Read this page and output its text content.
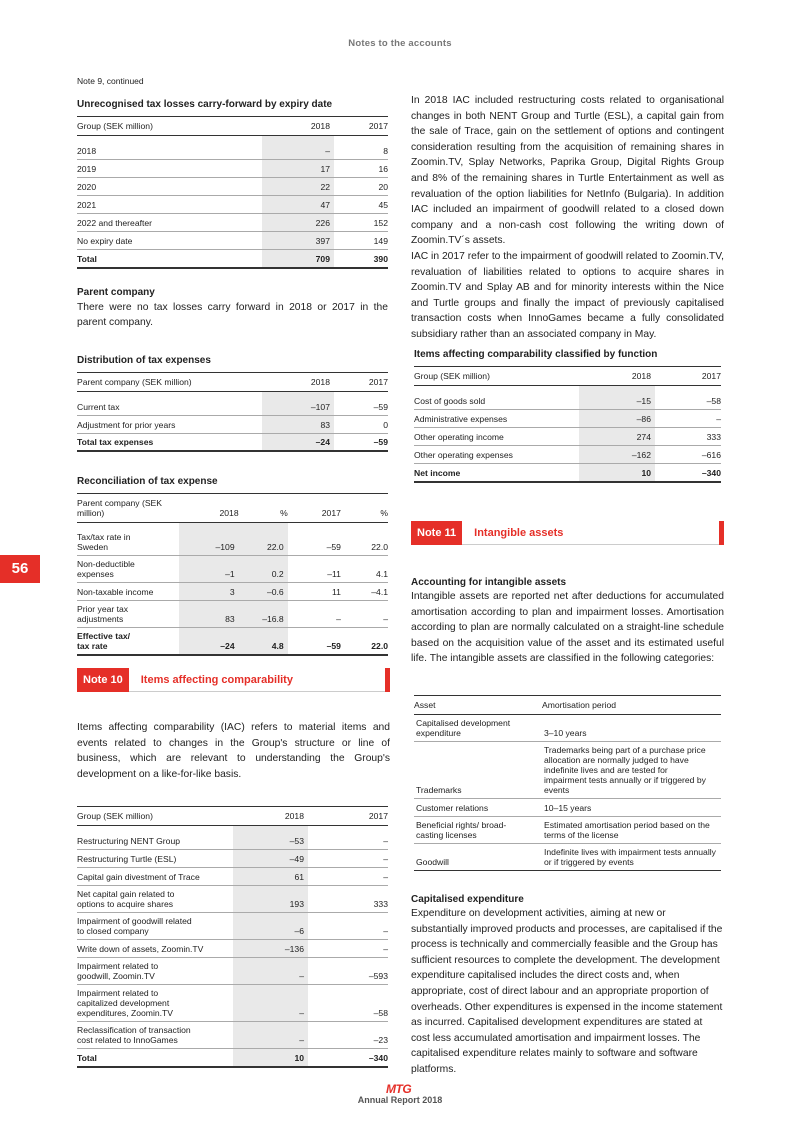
Notes to the accounts
Note 9, continued
56
Unrecognised tax losses carry-forward by expiry date
Group (SEK million)	2018	2017

2018	–	8
2019	17	16
2020	22	20
2021	47	45
2022 and thereafter	226	152
No expiry date	397	149
Total	709	390
Parent company
There were no tax losses carry forward in 2018 or 2017 in the parent company.
Distribution of tax expenses
Parent company (SEK million)	2018	2017

Current tax	–107	–59
Adjustment for prior years	83	0
Total tax expenses	–24	–59
Reconciliation of tax expense
Parent company (SEK million)	2018	%	2017	%

Tax/tax rate in Sweden	–109	22.0	–59	22.0
Non-deductible expenses	–1	0.2	–11	4.1
Non-taxable income	3	–0.6	11	–4.1
Prior year tax adjustments	83	–16.8	–	–
Effective tax/ tax rate	–24	4.8	–59	22.0
Note 10	Items affecting comparability
Items affecting comparability (IAC) refers to material items and events related to changes in the Group's structure or line of business, which are relevant to understanding the Group's development on a like-for-like basis.
Group (SEK million)	2018	2017

Restructuring NENT Group	–53	–
Restructuring Turtle (ESL)	–49	–
Capital gain divestment of Trace	61	–
Net capital gain related to options to acquire shares	193	333
Impairment of goodwill related to closed company	–6	–
Write down of assets, Zoomin.TV	–136	–
Impairment related to goodwill, Zoomin.TV	–	–593
Impairment related to capitalized development expenditures, Zoomin.TV	–	–58
Reclassification of transaction cost related to InnoGames	–	–23
Total	10	–340

In 2018 IAC included restructuring costs related to organisational changes in both NENT Group and Turtle (ESL), a capital gain from the sale of Trace, gain on the settlement of options and contingent consideration resulting from the acquisition of remaining shares in Zoomin.TV, Splay Networks, Paprika Group, Digital Rights Group and 8% of the remaining shares in Turtle Entertainment as well as revaluation of the option liabilities for NetInfo (Bulgaria). In addition IAC included an impairment of goodwill related to a closed down company and a non-cash cost following the writing down of Zoomin.TV´s assets.

IAC in 2017 refer to the impairment of goodwill related to Zoomin.TV, revaluation of liabilities related to options to acquire shares in Zoomin.TV and Splay AB and for minority interests within the Nice and Turtle groups and finally the impact of previously capitalised transaction costs when InnoGames became a fully consolidated subsidiary rather than an associated company in May.

Items affecting comparability classified by function
Group (SEK million)	2018	2017

Cost of goods sold	–15	–58
Administrative expenses	–86	–
Other operating income	274	333
Other operating expenses	–162	–616
Net income	10	–340
Note 11	Intangible assets
Accounting for intangible assets
Intangible assets are reported net after deductions for accumulated amortisation according to plan and impairment losses. Amortisation according to plan are normally calculated on a straight-line schedule based on the acquisition value of the asset and its estimated useful life. The intangible assets are classified in the following categories:
Asset	Amortisation period
Capitalised development expenditure	3–10 years
Trademarks	Trademarks being part of a purchase price allocation are normally judged to have indefinite lives and are tested for impairment tests annually or if triggered by events
Customer relations	10–15 years
Beneficial rights/ broad-casting licenses	Estimated amortisation period based on the terms of the license
Goodwill	Indefinite lives with impairment tests annually or if triggered by events
Capitalised expenditure
Expenditure on development activities, aiming at new or substantially improved products and processes, are capitalised if the process is technically and commercially feasible and the Group has sufficient resources to complete the development. The development expenditure capitalised includes the direct costs and, when appropriate, cost of direct labour and an appropriate proportion of overheads. Other expenditures is expensed in the income statement as incurred. Capitalised development expenditures are stated at cost less accumulated amortisation and impairment losses. The capitalised expenditure relates mainly to software and software platforms.
MTG
Annual Report 2018
